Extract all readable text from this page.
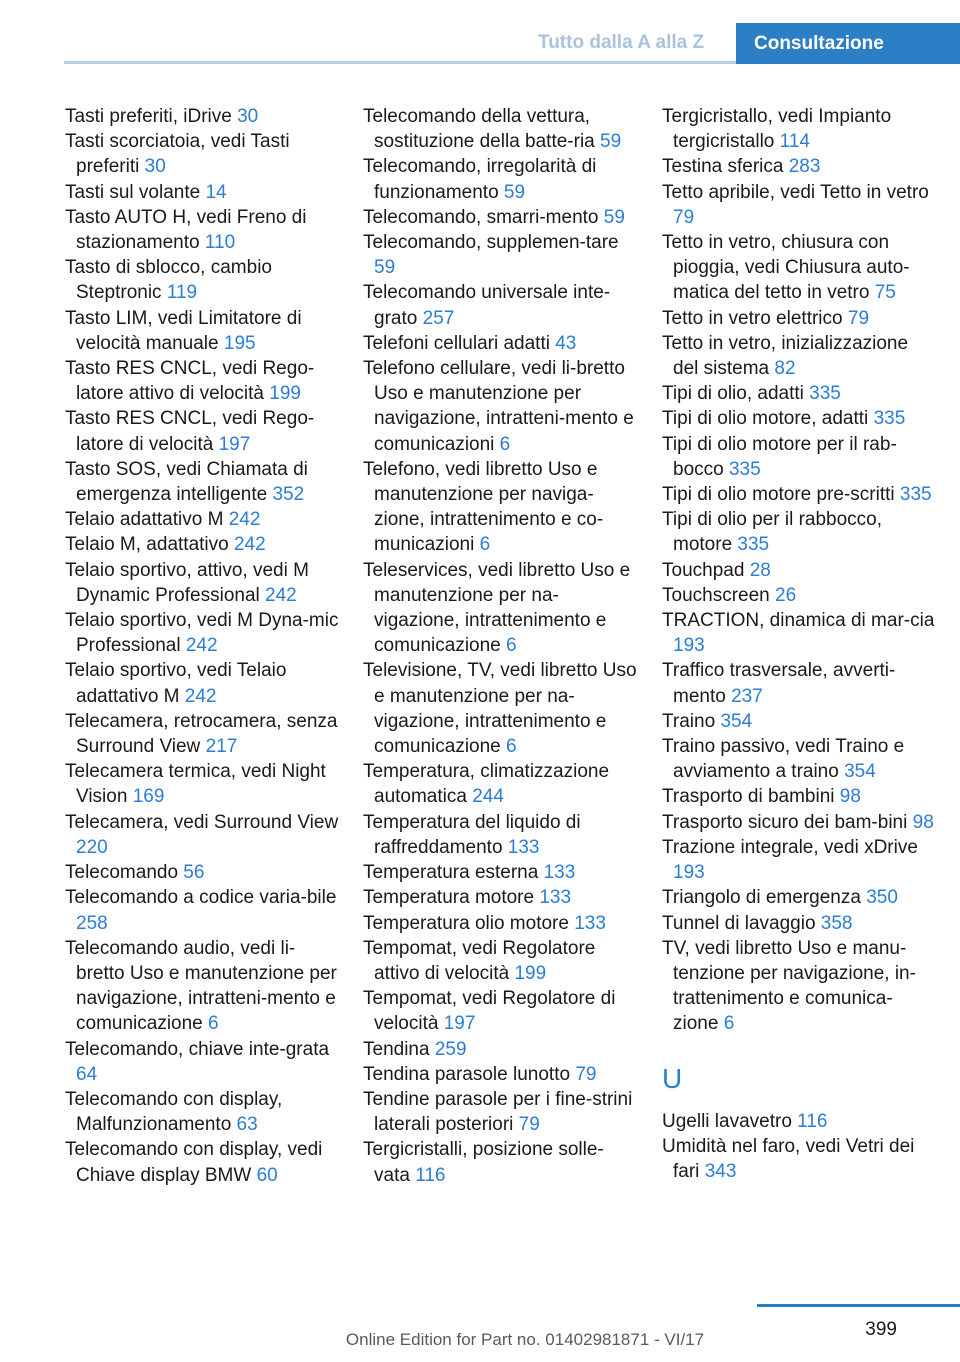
Tutto dalla A alla Z	Consultazione
Tasti preferiti, iDrive 30
Tasti scorciatoia, vedi Tasti preferiti 30
Tasti sul volante 14
Tasto AUTO H, vedi Freno di stazionamento 110
Tasto di sblocco, cambio Steptronic 119
Tasto LIM, vedi Limitatore di velocità manuale 195
Tasto RES CNCL, vedi Rego‐latore attivo di velocità 199
Tasto RES CNCL, vedi Rego‐latore di velocità 197
Tasto SOS, vedi Chiamata di emergenza intelligente 352
Telaio adattativo M 242
Telaio M, adattativo 242
Telaio sportivo, attivo, vedi M Dynamic Professional 242
Telaio sportivo, vedi M Dyna‐mic Professional 242
Telaio sportivo, vedi Telaio adattativo M 242
Telecamera, retrocamera, senza Surround View 217
Telecamera termica, vedi Night Vision 169
Telecamera, vedi Surround View 220
Telecomando 56
Telecomando a codice varia‐bile 258
Telecomando audio, vedi li‐bretto Uso e manutenzione per navigazione, intratteni‐mento e comunicazione 6
Telecomando, chiave inte‐grata 64
Telecomando con display, Malfunzionamento 63
Telecomando con display, vedi Chiave display BMW 60
Telecomando della vettura, sostituzione della batte‐ria 59
Telecomando, irregolarità di funzionamento 59
Telecomando, smarri‐mento 59
Telecomando, supplemen‐tare 59
Telecomando universale inte‐grato 257
Telefoni cellulari adatti 43
Telefono cellulare, vedi li‐bretto Uso e manutenzione per navigazione, intratteni‐mento e comunicazioni 6
Telefono, vedi libretto Uso e manutenzione per naviga‐zione, intrattenimento e co‐municazioni 6
Teleservices, vedi libretto Uso e manutenzione per na‐vigazione, intrattenimento e comunicazione 6
Televisione, TV, vedi libretto Uso e manutenzione per na‐vigazione, intrattenimento e comunicazione 6
Temperatura, climatizzazione automatica 244
Temperatura del liquido di raffreddamento 133
Temperatura esterna 133
Temperatura motore 133
Temperatura olio motore 133
Tempomat, vedi Regolatore attivo di velocità 199
Tempomat, vedi Regolatore di velocità 197
Tendina 259
Tendina parasole lunotto 79
Tendine parasole per i fine‐strini laterali posteriori 79
Tergicristalli, posizione solle‐vata 116
Tergicristallo, vedi Impianto tergicristallo 114
Testina sferica 283
Tetto apribile, vedi Tetto in vetro 79
Tetto in vetro, chiusura con pioggia, vedi Chiusura auto‐matica del tetto in vetro 75
Tetto in vetro elettrico 79
Tetto in vetro, inizializzazione del sistema 82
Tipi di olio, adatti 335
Tipi di olio motore, adatti 335
Tipi di olio motore per il rab‐bocco 335
Tipi di olio motore pre‐scritti 335
Tipi di olio per il rabbocco, motore 335
Touchpad 28
Touchscreen 26
TRACTION, dinamica di mar‐cia 193
Traffico trasversale, avverti‐mento 237
Traino 354
Traino passivo, vedi Traino e avviamento a traino 354
Trasporto di bambini 98
Trasporto sicuro dei bam‐bini 98
Trazione integrale, vedi xDrive 193
Triangolo di emergenza 350
Tunnel di lavaggio 358
TV, vedi libretto Uso e manu‐tenzione per navigazione, in‐trattenimento e comunica‐zione 6
U
Ugelli lavavetro 116
Umidità nel faro, vedi Vetri dei fari 343
399
Online Edition for Part no. 01402981871 - VI/17
